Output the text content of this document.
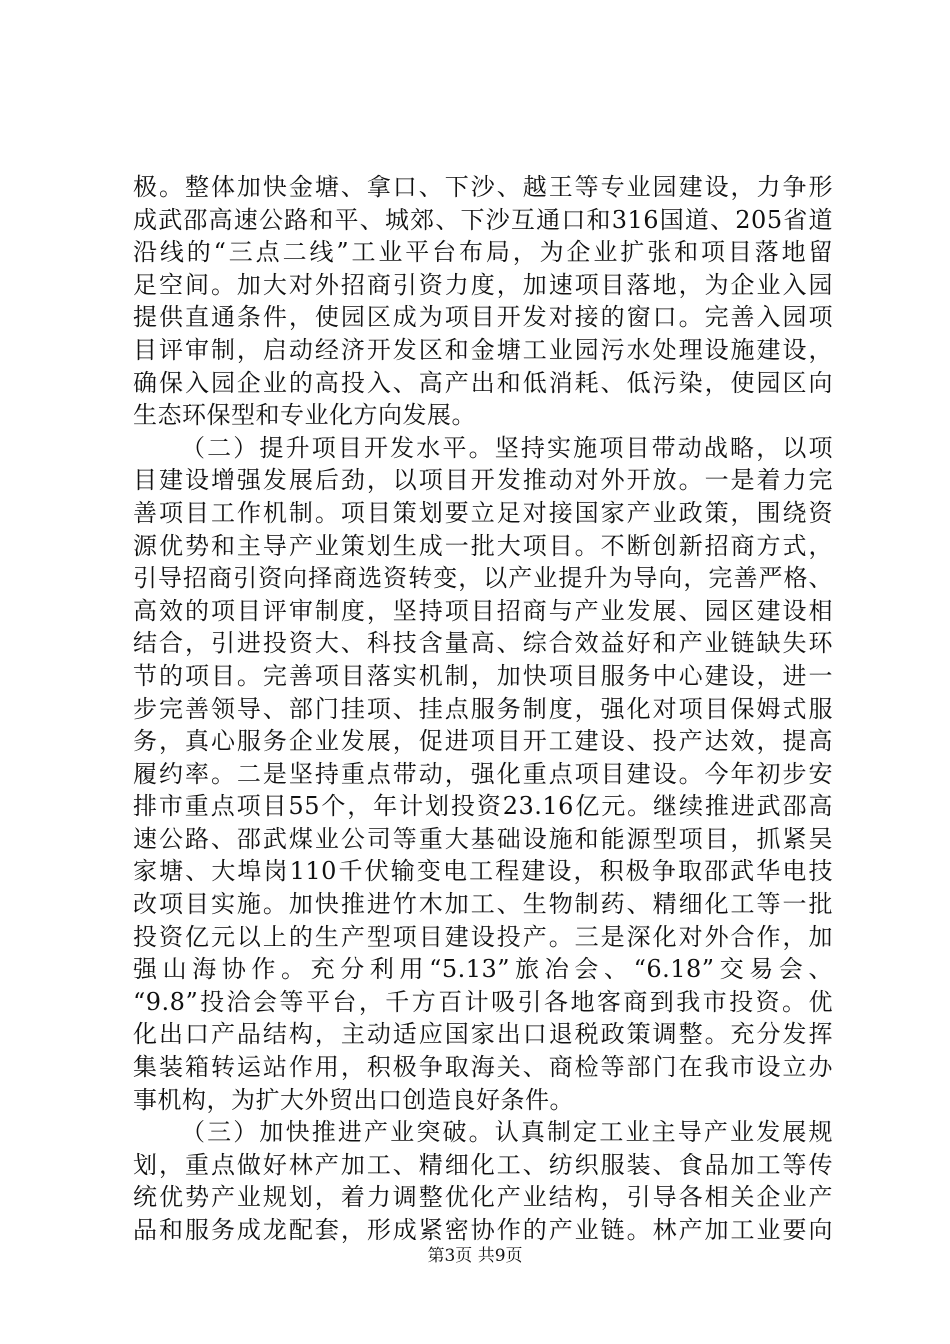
极。整体加快金塘、拿口、下沙、越王等专业园建设，力争形
成武邵高速公路和平、城郊、下沙互通口和316国道、205省道
沿线的“三点二线”工业平台布局，为企业扩张和项目落地留
足空间。加大对外招商引资力度，加速项目落地，为企业入园
提供直通条件，使园区成为项目开发对接的窗口。完善入园项
目评审制，启动经济开发区和金塘工业园污水处理设施建设，
确保入园企业的高投入、高产出和低消耗、低污染，使园区向
生态环保型和专业化方向发展。
（二）提升项目开发水平。坚持实施项目带动战略，以项
目建设增强发展后劲，以项目开发推动对外开放。一是着力完
善项目工作机制。项目策划要立足对接国家产业政策，围绕资
源优势和主导产业策划生成一批大项目。不断创新招商方式，
引导招商引资向择商选资转变，以产业提升为导向，完善严格、
高效的项目评审制度，坚持项目招商与产业发展、园区建设相
结合，引进投资大、科技含量高、综合效益好和产业链缺失环
节的项目。完善项目落实机制，加快项目服务中心建设，进一
步完善领导、部门挂项、挂点服务制度，强化对项目保姆式服
务，真心服务企业发展，促进项目开工建设、投产达效，提高
履约率。二是坚持重点带动，强化重点项目建设。今年初步安
排市重点项目55个，年计划投资23.16亿元。继续推进武邵高
速公路、邵武煤业公司等重大基础设施和能源型项目，抓紧吴
家塘、大埠岗110千伏输变电工程建设，积极争取邵武华电技
改项目实施。加快推进竹木加工、生物制药、精细化工等一批
投资亿元以上的生产型项目建设投产。三是深化对外合作，加
强山海协作。充分利用“5.13”旅冶会、“6.18”交易会、
“9.8”投洽会等平台，千方百计吸引各地客商到我市投资。优
化出口产品结构，主动适应国家出口退税政策调整。充分发挥
集装箱转运站作用，积极争取海关、商检等部门在我市设立办
事机构，为扩大外贸出口创造良好条件。
（三）加快推进产业突破。认真制定工业主导产业发展规
划，重点做好林产加工、精细化工、纺织服装、食品加工等传
统优势产业规划，着力调整优化产业结构，引导各相关企业产
品和服务成龙配套，形成紧密协作的产业链。林产加工业要向
第3页 共9页
